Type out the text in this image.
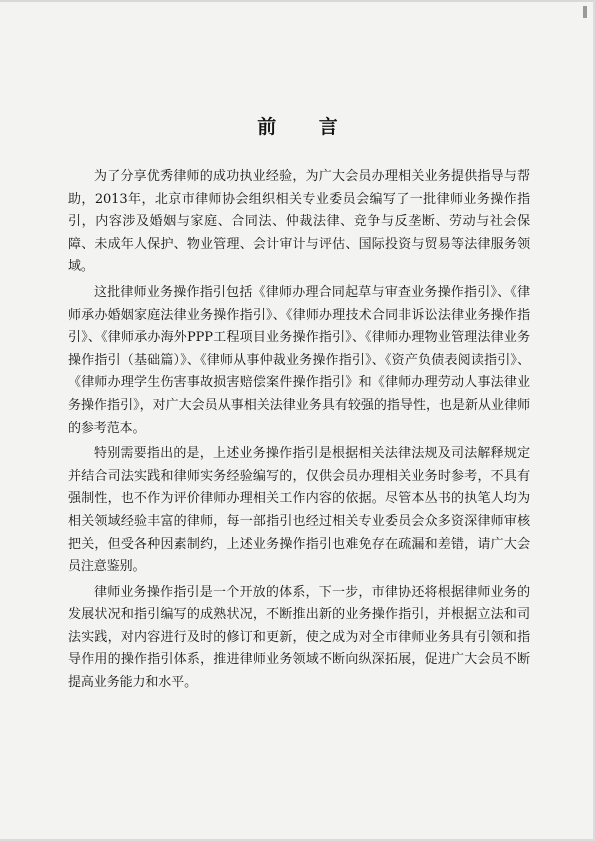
前 言

为了分享优秀律师的成功执业经验，为广大会员办理相关业务提供指导与帮助，2013年，北京市律师协会组织相关专业委员会编写了一批律师业务操作指引，内容涉及婚姻与家庭、合同法、仲裁法律、竞争与反垄断、劳动与社会保障、未成年人保护、物业管理、会计审计与评估、国际投资与贸易等法律服务领域。

这批律师业务操作指引包括《律师办理合同起草与审查业务操作指引》、《律师承办婚姻家庭法律业务操作指引》、《律师办理技术合同非诉讼法律业务操作指引》、《律师承办海外PPP工程项目业务操作指引》、《律师办理物业管理法律业务操作指引（基础篇）》、《律师从事仲裁业务操作指引》、《资产负债表阅读指引》、《律师办理学生伤害事故损害赔偿案件操作指引》和《律师办理劳动人事法律业务操作指引》，对广大会员从事相关法律业务具有较强的指导性，也是新从业律师的参考范本。

特别需要指出的是，上述业务操作指引是根据相关法律法规及司法解释规定并结合司法实践和律师实务经验编写的，仅供会员办理相关业务时参考，不具有强制性，也不作为评价律师办理相关工作内容的依据。尽管本丛书的执笔人均为相关领域经验丰富的律师，每一部指引也经过相关专业委员会众多资深律师审核把关，但受各种因素制约，上述业务操作指引也难免存在疏漏和差错，请广大会员注意鉴别。

律师业务操作指引是一个开放的体系，下一步，市律协还将根据律师业务的发展状况和指引编写的成熟状况，不断推出新的业务操作指引，并根据立法和司法实践，对内容进行及时的修订和更新，使之成为对全市律师业务具有引领和指导作用的操作指引体系，推进律师业务领域不断向纵深拓展，促进广大会员不断提高业务能力和水平。
